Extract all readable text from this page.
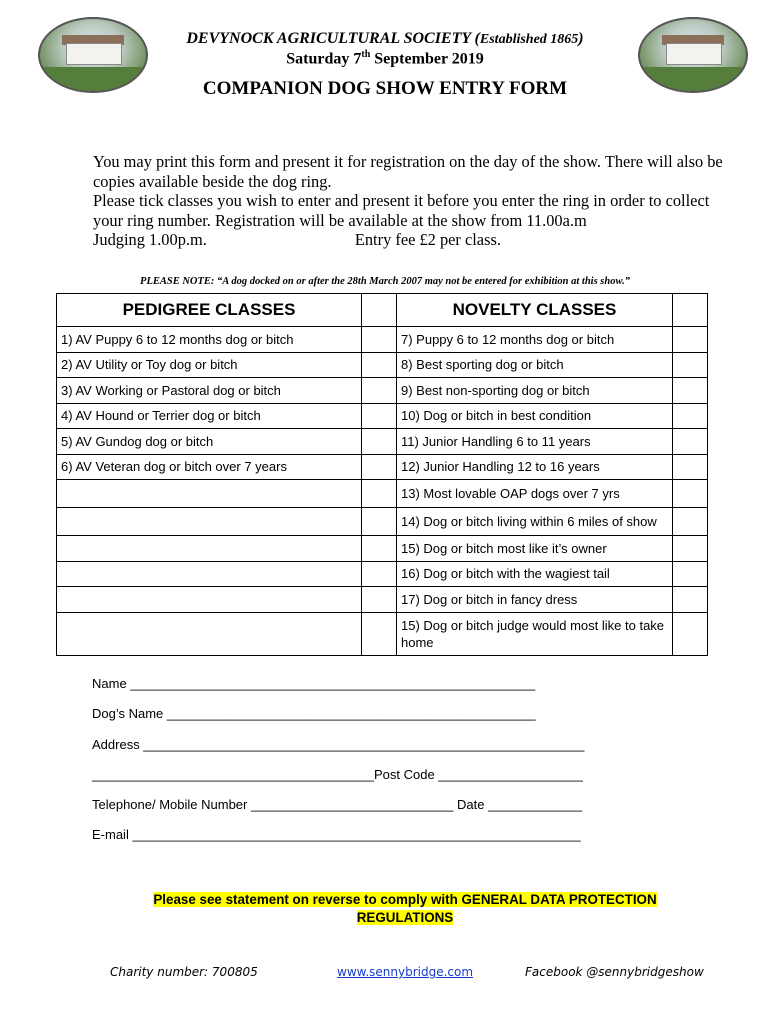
DEVYNOCK AGRICULTURAL SOCIETY (Established 1865)
Saturday 7th September 2019
COMPANION DOG SHOW ENTRY FORM

You may print this form and present it for registration on the day of the show. There will also be copies available beside the dog ring.

Please tick classes you wish to enter and present it before you enter the ring in order to collect your ring number. Registration will be available at the show from 11.00a.m

Judging 1.00p.m.	Entry fee £2 per class.

PLEASE NOTE: “A dog docked on or after the 28th March 2007 may not be entered for exhibition at this show.”
PEDIGREE CLASSES		NOVELTY CLASSES	
1) AV Puppy 6 to 12 months dog or bitch		7) Puppy 6 to 12 months dog or bitch	
2) AV Utility or Toy dog or bitch		8) Best sporting dog or bitch	
3) AV Working or Pastoral dog or bitch		9) Best non-sporting dog or bitch	
4) AV Hound or Terrier dog or bitch		10) Dog or bitch in best condition	
5) AV Gundog dog or bitch		11) Junior Handling 6 to 11 years	
6) AV Veteran dog or bitch over 7 years		12) Junior Handling 12 to 16 years	
		13) Most lovable OAP dogs over 7 yrs	
		14) Dog or bitch living within 6 miles of show	
		15) Dog or bitch most like it’s owner	
		16) Dog or bitch with the wagiest tail	
		17) Dog or bitch in fancy dress	
		15) Dog or bitch judge would most like to take home	
Name ________________________________________________________
Dog’s Name ___________________________________________________
Address _____________________________________________________________
_______________________________________Post Code ____________________
Telephone/ Mobile Number ____________________________ Date _____________
E-mail ______________________________________________________________
Please see statement on reverse to comply with GENERAL DATA PROTECTION
REGULATIONS
Charity number: 700805	www.sennybridge.com	Facebook @sennybridgeshow
